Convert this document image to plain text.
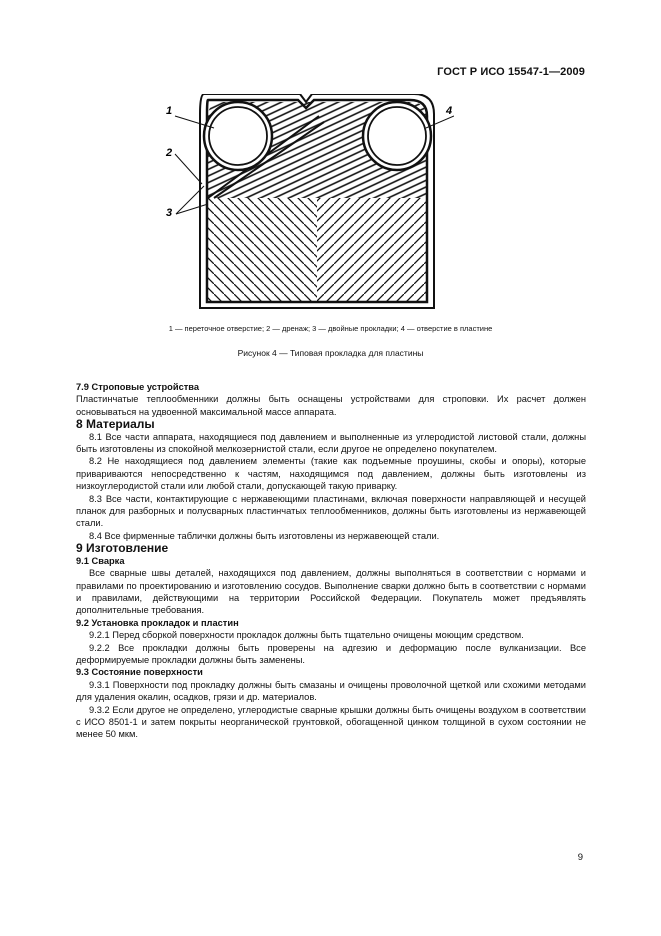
ГОСТ Р ИСО 15547-1—2009
1
2
3
4
1 — переточное отверстие; 2 — дренаж; 3 — двойные прокладки; 4 — отверстие в пластине
Рисунок 4 — Типовая прокладка для пластины

7.9 Строповые устройства

Пластинчатые теплообменники должны быть оснащены устройствами для строповки. Их расчет должен основываться на удвоенной максимальной массе аппарата.

8 Материалы

8.1 Все части аппарата, находящиеся под давлением и выполненные из углеродистой листовой стали, должны быть изготовлены из спокойной мелкозернистой стали, если другое не определено покупателем.

8.2 Не находящиеся под давлением элементы (такие как подъемные проушины, скобы и опоры), которые привариваются непосредственно к частям, находящимся под давлением, должны быть изготовлены из низкоуглеродистой стали или любой стали, допускающей такую приварку.

8.3 Все части, контактирующие с нержавеющими пластинами, включая поверхности направляющей и несущей планок для разборных и полусварных пластинчатых теплообменников, должны быть изготовлены из нержавеющей стали.

8.4 Все фирменные таблички должны быть изготовлены из нержавеющей стали.

9 Изготовление

9.1 Сварка

Все сварные швы деталей, находящихся под давлением, должны выполняться в соответствии с нормами и правилами по проектированию и изготовлению сосудов. Выполнение сварки должно быть в соответствии с нормами и правилами, действующими на территории Российской Федерации. Покупатель может предъявлять дополнительные требования.

9.2 Установка прокладок и пластин

9.2.1 Перед сборкой поверхности прокладок должны быть тщательно очищены моющим средством.

9.2.2 Все прокладки должны быть проверены на адгезию и деформацию после вулканизации. Все деформируемые прокладки должны быть заменены.

9.3 Состояние поверхности

9.3.1 Поверхности под прокладку должны быть смазаны и очищены проволочной щеткой или схожими методами для удаления окалин, осадков, грязи и др. материалов.

9.3.2 Если другое не определено, углеродистые сварные крышки должны быть очищены воздухом в соответствии с ИСО 8501-1 и затем покрыты неорганической грунтовкой, обогащенной цинком толщиной в сухом состоянии не менее 50 мкм.

9
